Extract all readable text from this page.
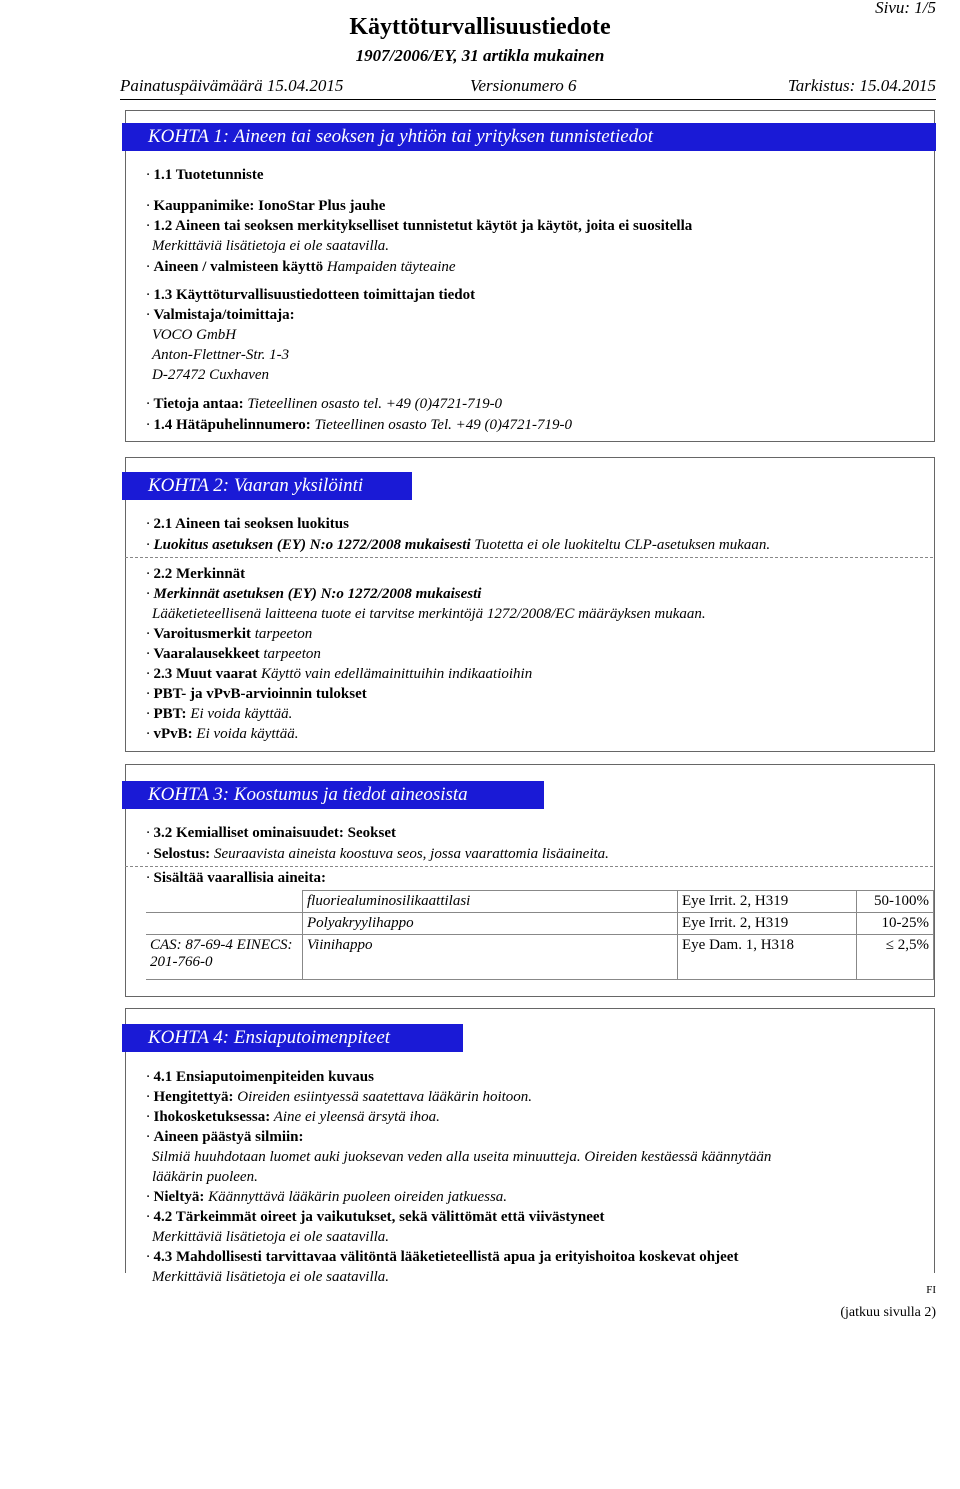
Sivu: 1/5
Käyttöturvallisuustiedote
1907/2006/EY, 31 artikla mukainen
Painatuspäivämäärä 15.04.2015	Versionumero 6	Tarkistus: 15.04.2015
KOHTA 1: Aineen tai seoksen ja yhtiön tai yrityksen tunnistetiedot
· 1.1 Tuotetunniste
· Kauppanimike: IonoStar Plus jauhe
· 1.2 Aineen tai seoksen merkitykselliset tunnistetut käytöt ja käytöt, joita ei suositella
Merkittäviä lisätietoja ei ole saatavilla.
· Aineen / valmisteen käyttö Hampaiden täyteaine
· 1.3 Käyttöturvallisuustiedotteen toimittajan tiedot
· Valmistaja/toimittaja:
VOCO GmbH
Anton-Flettner-Str. 1-3
D-27472 Cuxhaven
· Tietoja antaa: Tieteellinen osasto tel. +49 (0)4721-719-0
· 1.4 Hätäpuhelinnumero: Tieteellinen osasto Tel. +49 (0)4721-719-0
KOHTA 2: Vaaran yksilöinti
· 2.1 Aineen tai seoksen luokitus
· Luokitus asetuksen (EY) N:o 1272/2008 mukaisesti Tuotetta ei ole luokiteltu CLP-asetuksen mukaan.
· 2.2 Merkinnät
· Merkinnät asetuksen (EY) N:o 1272/2008 mukaisesti
Lääketieteellisenä laitteena tuote ei tarvitse merkintöjä 1272/2008/EC määräyksen mukaan.
· Varoitusmerkit tarpeeton
· Vaaralausekkeet tarpeeton
· 2.3 Muut vaarat Käyttö vain edellämainittuihin indikaatioihin
· PBT- ja vPvB-arvioinnin tulokset
· PBT: Ei voida käyttää.
· vPvB: Ei voida käyttää.
KOHTA 3: Koostumus ja tiedot aineosista
· 3.2 Kemialliset ominaisuudet: Seokset
· Selostus: Seuraavista aineista koostuva seos, jossa vaarattomia lisäaineita.
· Sisältää vaarallisia aineita:
	fluoriealuminosilikaattilasi	Eye Irrit. 2, H319	50-100%
	Polyakryylihappo	Eye Irrit. 2, H319	10-25%
CAS: 87-69-4 EINECS: 201-766-0	Viinihappo	Eye Dam. 1, H318	≤ 2,5%
KOHTA 4: Ensiaputoimenpiteet
· 4.1 Ensiaputoimenpiteiden kuvaus
· Hengitettyä: Oireiden esiintyessä saatettava lääkärin hoitoon.
· Ihokosketuksessa: Aine ei yleensä ärsytä ihoa.
· Aineen päästyä silmiin:
Silmiä huuhdotaan luomet auki juoksevan veden alla useita minuutteja. Oireiden kestäessä käännytään
lääkärin puoleen.
· Nieltyä: Käännyttävä lääkärin puoleen oireiden jatkuessa.
· 4.2 Tärkeimmät oireet ja vaikutukset, sekä välittömät että viivästyneet
Merkittäviä lisätietoja ei ole saatavilla.
· 4.3 Mahdollisesti tarvittavaa välitöntä lääketieteellistä apua ja erityishoitoa koskevat ohjeet
Merkittäviä lisätietoja ei ole saatavilla.
FI
(jatkuu sivulla 2)
